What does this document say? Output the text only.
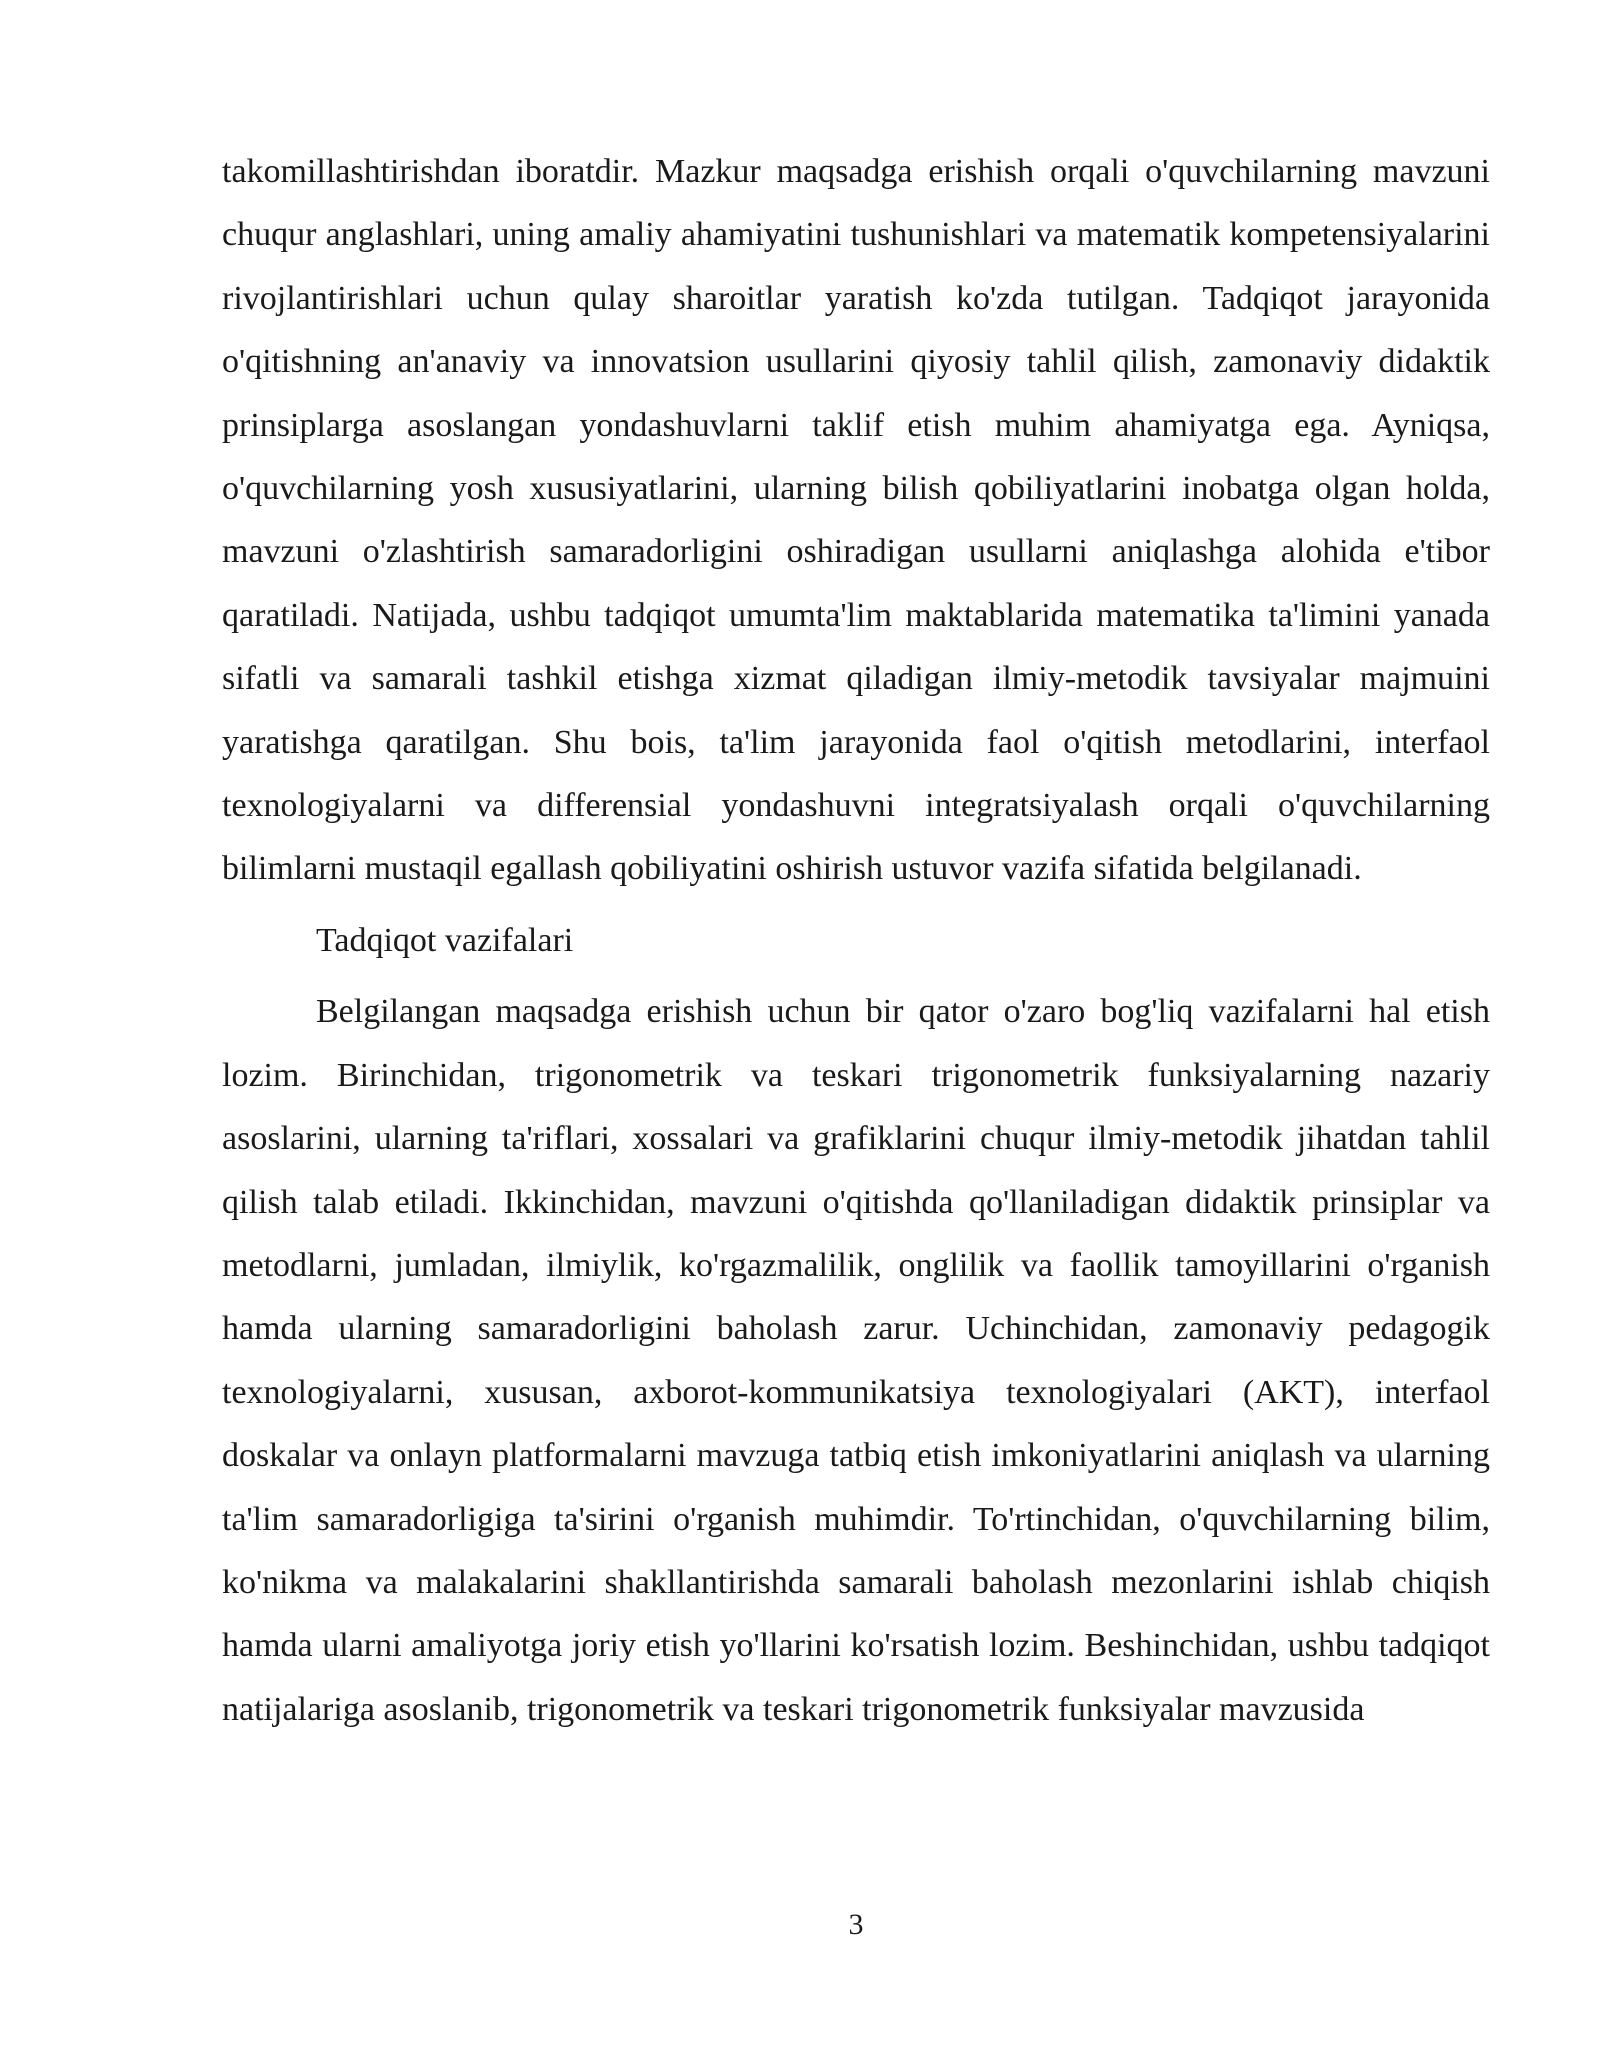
takomillashtirishdan iboratdir. Mazkur maqsadga erishish orqali o'quvchilarning mavzuni chuqur anglashlari, uning amaliy ahamiyatini tushunishlari va matematik kompetensiyalarini rivojlantirishlari uchun qulay sharoitlar yaratish ko'zda tutilgan. Tadqiqot jarayonida o'qitishning an'anaviy va innovatsion usullarini qiyosiy tahlil qilish, zamonaviy didaktik prinsiplarga asoslangan yondashuvlarni taklif etish muhim ahamiyatga ega. Ayniqsa, o'quvchilarning yosh xususiyatlarini, ularning bilish qobiliyatlarini inobatga olgan holda, mavzuni o'zlashtirish samaradorligini oshiradigan usullarni aniqlashga alohida e'tibor qaratiladi. Natijada, ushbu tadqiqot umumta'lim maktablarida matematika ta'limini yanada sifatli va samarali tashkil etishga xizmat qiladigan ilmiy-metodik tavsiyalar majmuini yaratishga qaratilgan. Shu bois, ta'lim jarayonida faol o'qitish metodlarini, interfaol texnologiyalarni va differensial yondashuvni integratsiyalash orqali o'quvchilarning bilimlarni mustaqil egallash qobiliyatini oshirish ustuvor vazifa sifatida belgilanadi.

Tadqiqot vazifalari

Belgilangan maqsadga erishish uchun bir qator o'zaro bog'liq vazifalarni hal etish lozim. Birinchidan, trigonometrik va teskari trigonometrik funksiyalarning nazariy asoslarini, ularning ta'riflari, xossalari va grafiklarini chuqur ilmiy-metodik jihatdan tahlil qilish talab etiladi. Ikkinchidan, mavzuni o'qitishda qo'llaniladigan didaktik prinsiplar va metodlarni, jumladan, ilmiylik, ko'rgazmalilik, onglilik va faollik tamoyillarini o'rganish hamda ularning samaradorligini baholash zarur. Uchinchidan, zamonaviy pedagogik texnologiyalarni, xususan, axborot-kommunikatsiya texnologiyalari (AKT), interfaol doskalar va onlayn platformalarni mavzuga tatbiq etish imkoniyatlarini aniqlash va ularning ta'lim samaradorligiga ta'sirini o'rganish muhimdir. To'rtinchidan, o'quvchilarning bilim, ko'nikma va malakalarini shakllantirishda samarali baholash mezonlarini ishlab chiqish hamda ularni amaliyotga joriy etish yo'llarini ko'rsatish lozim. Beshinchidan, ushbu tadqiqot natijalariga asoslanib, trigonometrik va teskari trigonometrik funksiyalar mavzusida

3
